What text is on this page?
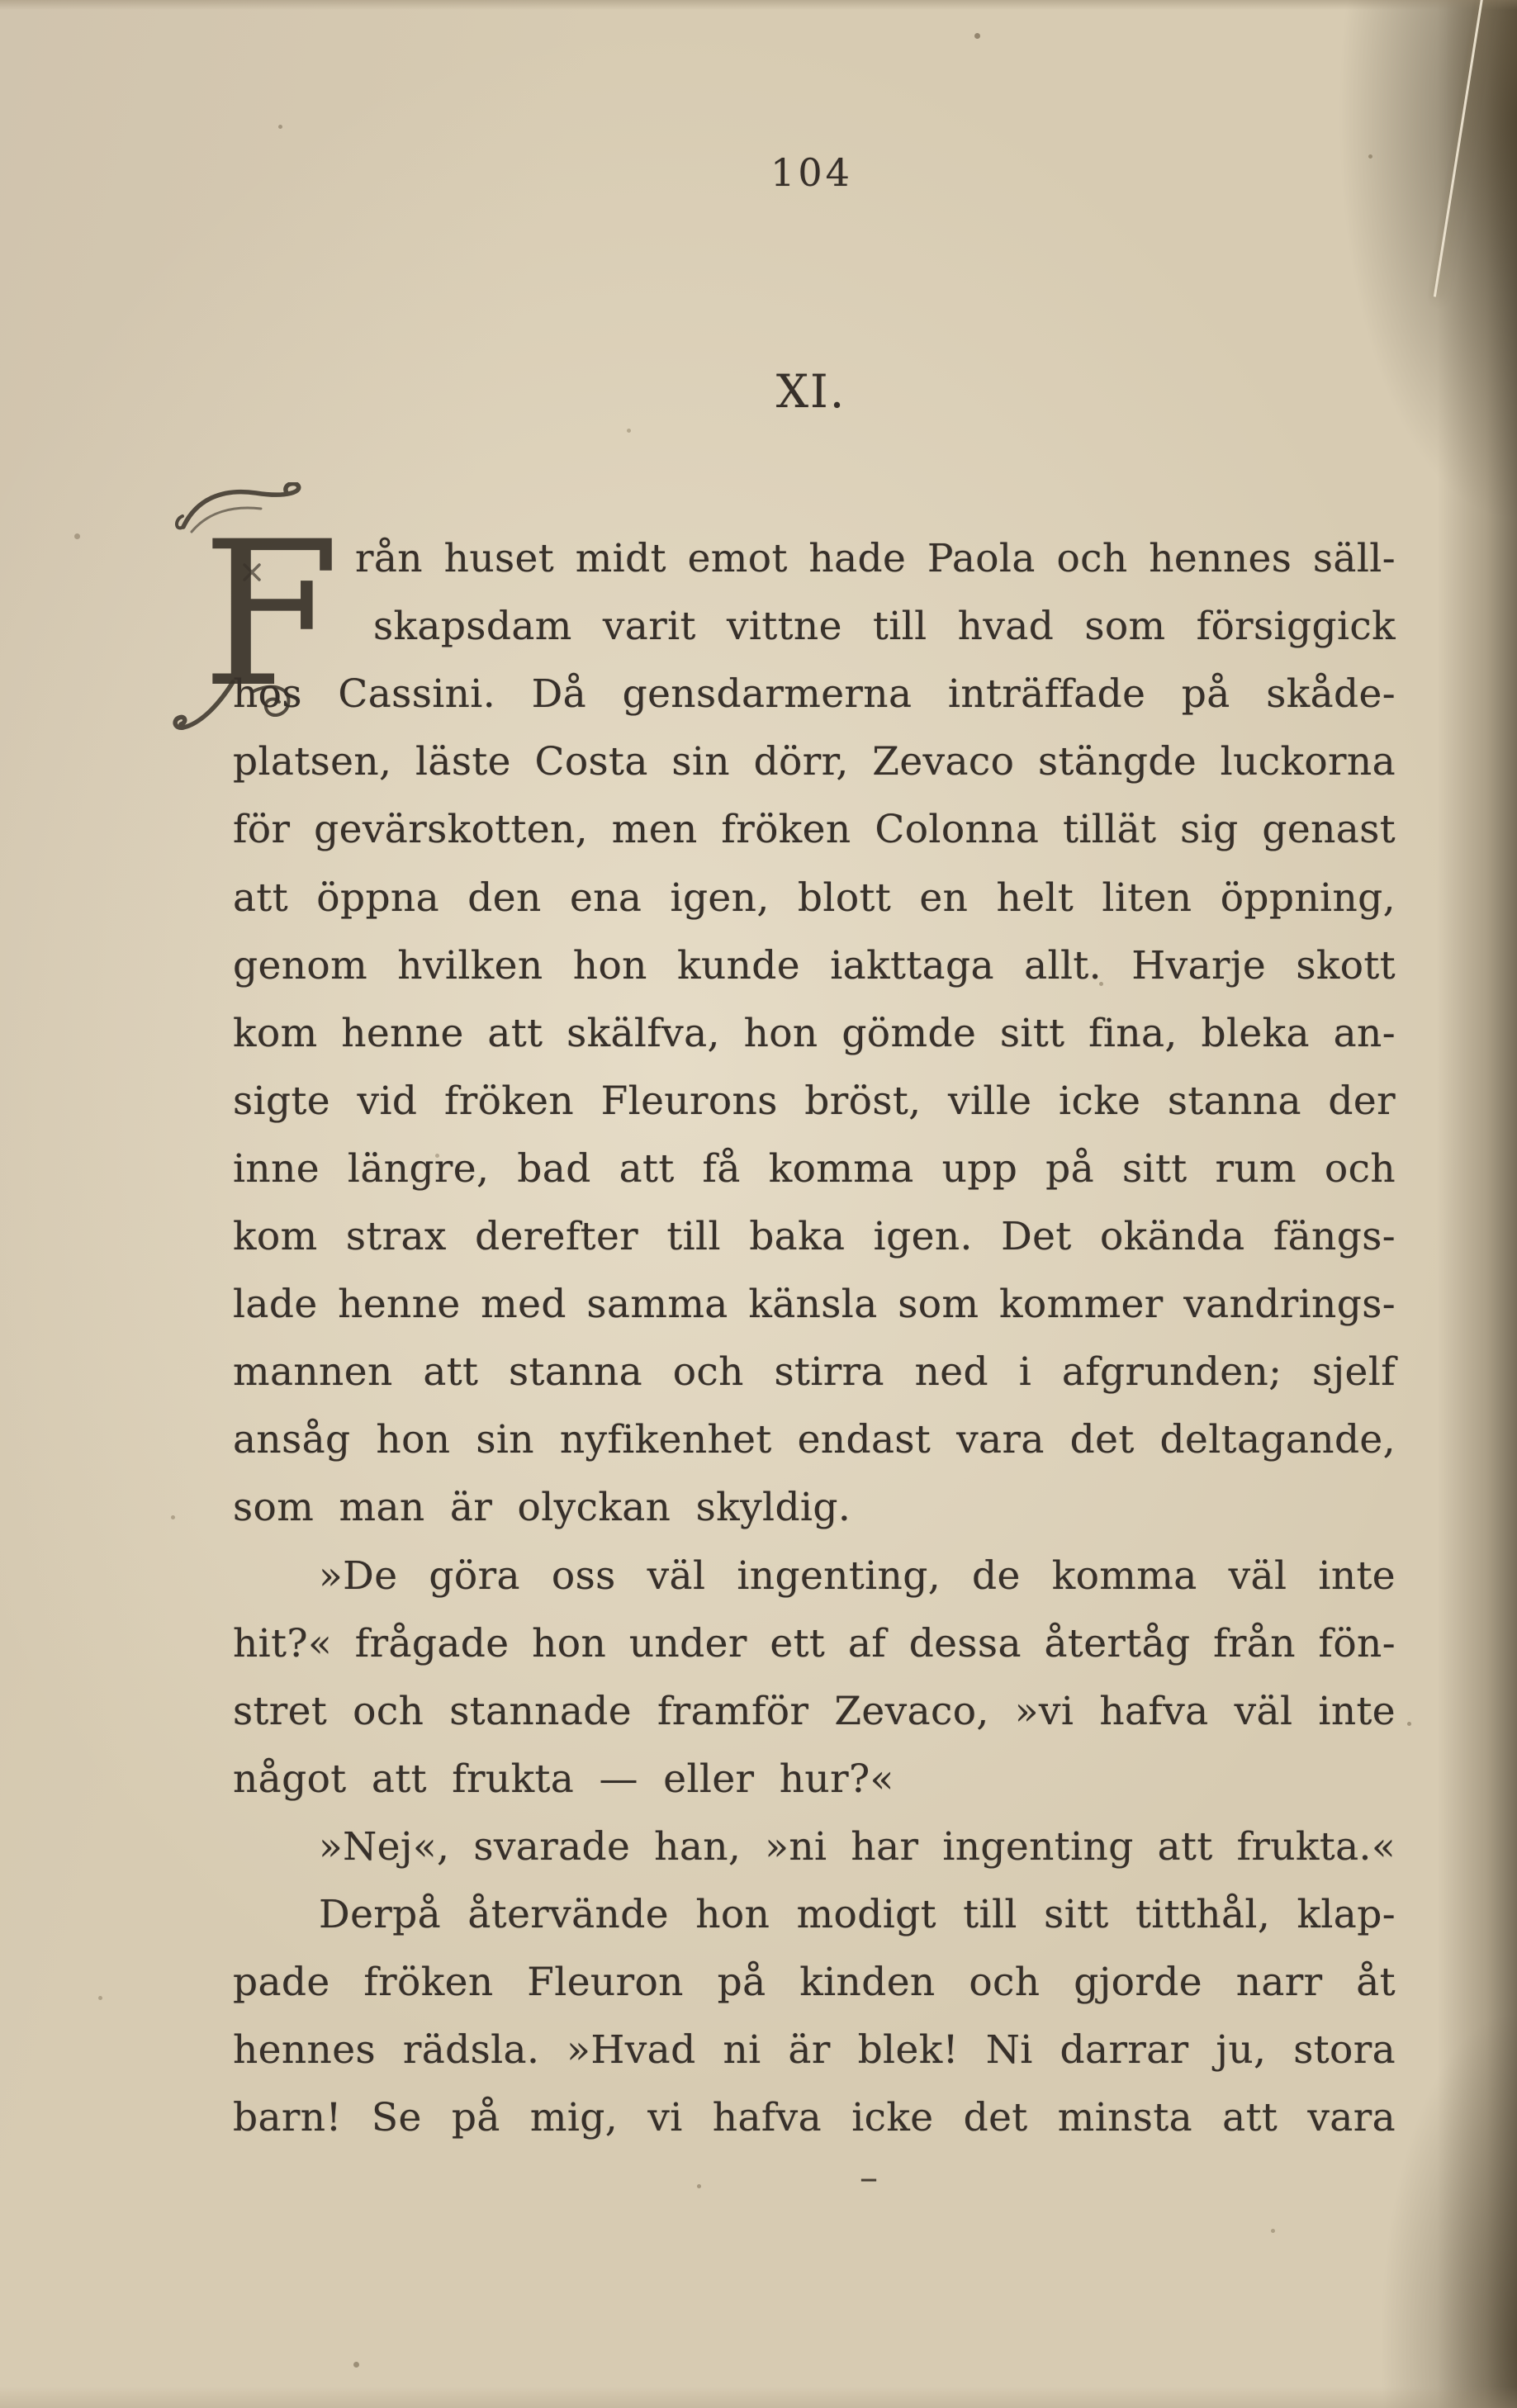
104
XI.
F rån huset midt emot hade Paola och hennes säll-
skapsdam varit vittne till hvad som försiggick
hos Cassini. Då gensdarmerna inträffade på skåde-
platsen, läste Costa sin dörr, Zevaco stängde luckorna
för gevärskotten, men fröken Colonna tillät sig genast
att öppna den ena igen, blott en helt liten öppning,
genom hvilken hon kunde iakttaga allt. Hvarje skott
kom henne att skälfva, hon gömde sitt fina, bleka an-
sigte vid fröken Fleurons bröst, ville icke stanna der
inne längre, bad att få komma upp på sitt rum och
kom strax derefter till baka igen. Det okända fängs-
lade henne med samma känsla som kommer vandrings-
mannen att stanna och stirra ned i afgrunden; sjelf
ansåg hon sin nyfikenhet endast vara det deltagande,
som man är olyckan skyldig.
»De göra oss väl ingenting, de komma väl inte
hit?« frågade hon under ett af dessa återtåg från fön-
stret och stannade framför Zevaco, »vi hafva väl inte
något att frukta — eller hur?«
»Nej«, svarade han, »ni har ingenting att frukta.«
Derpå återvände hon modigt till sitt titthål, klap-
pade fröken Fleuron på kinden och gjorde narr åt
hennes rädsla. »Hvad ni är blek! Ni darrar ju, stora
barn! Se på mig, vi hafva icke det minsta att vara
–
